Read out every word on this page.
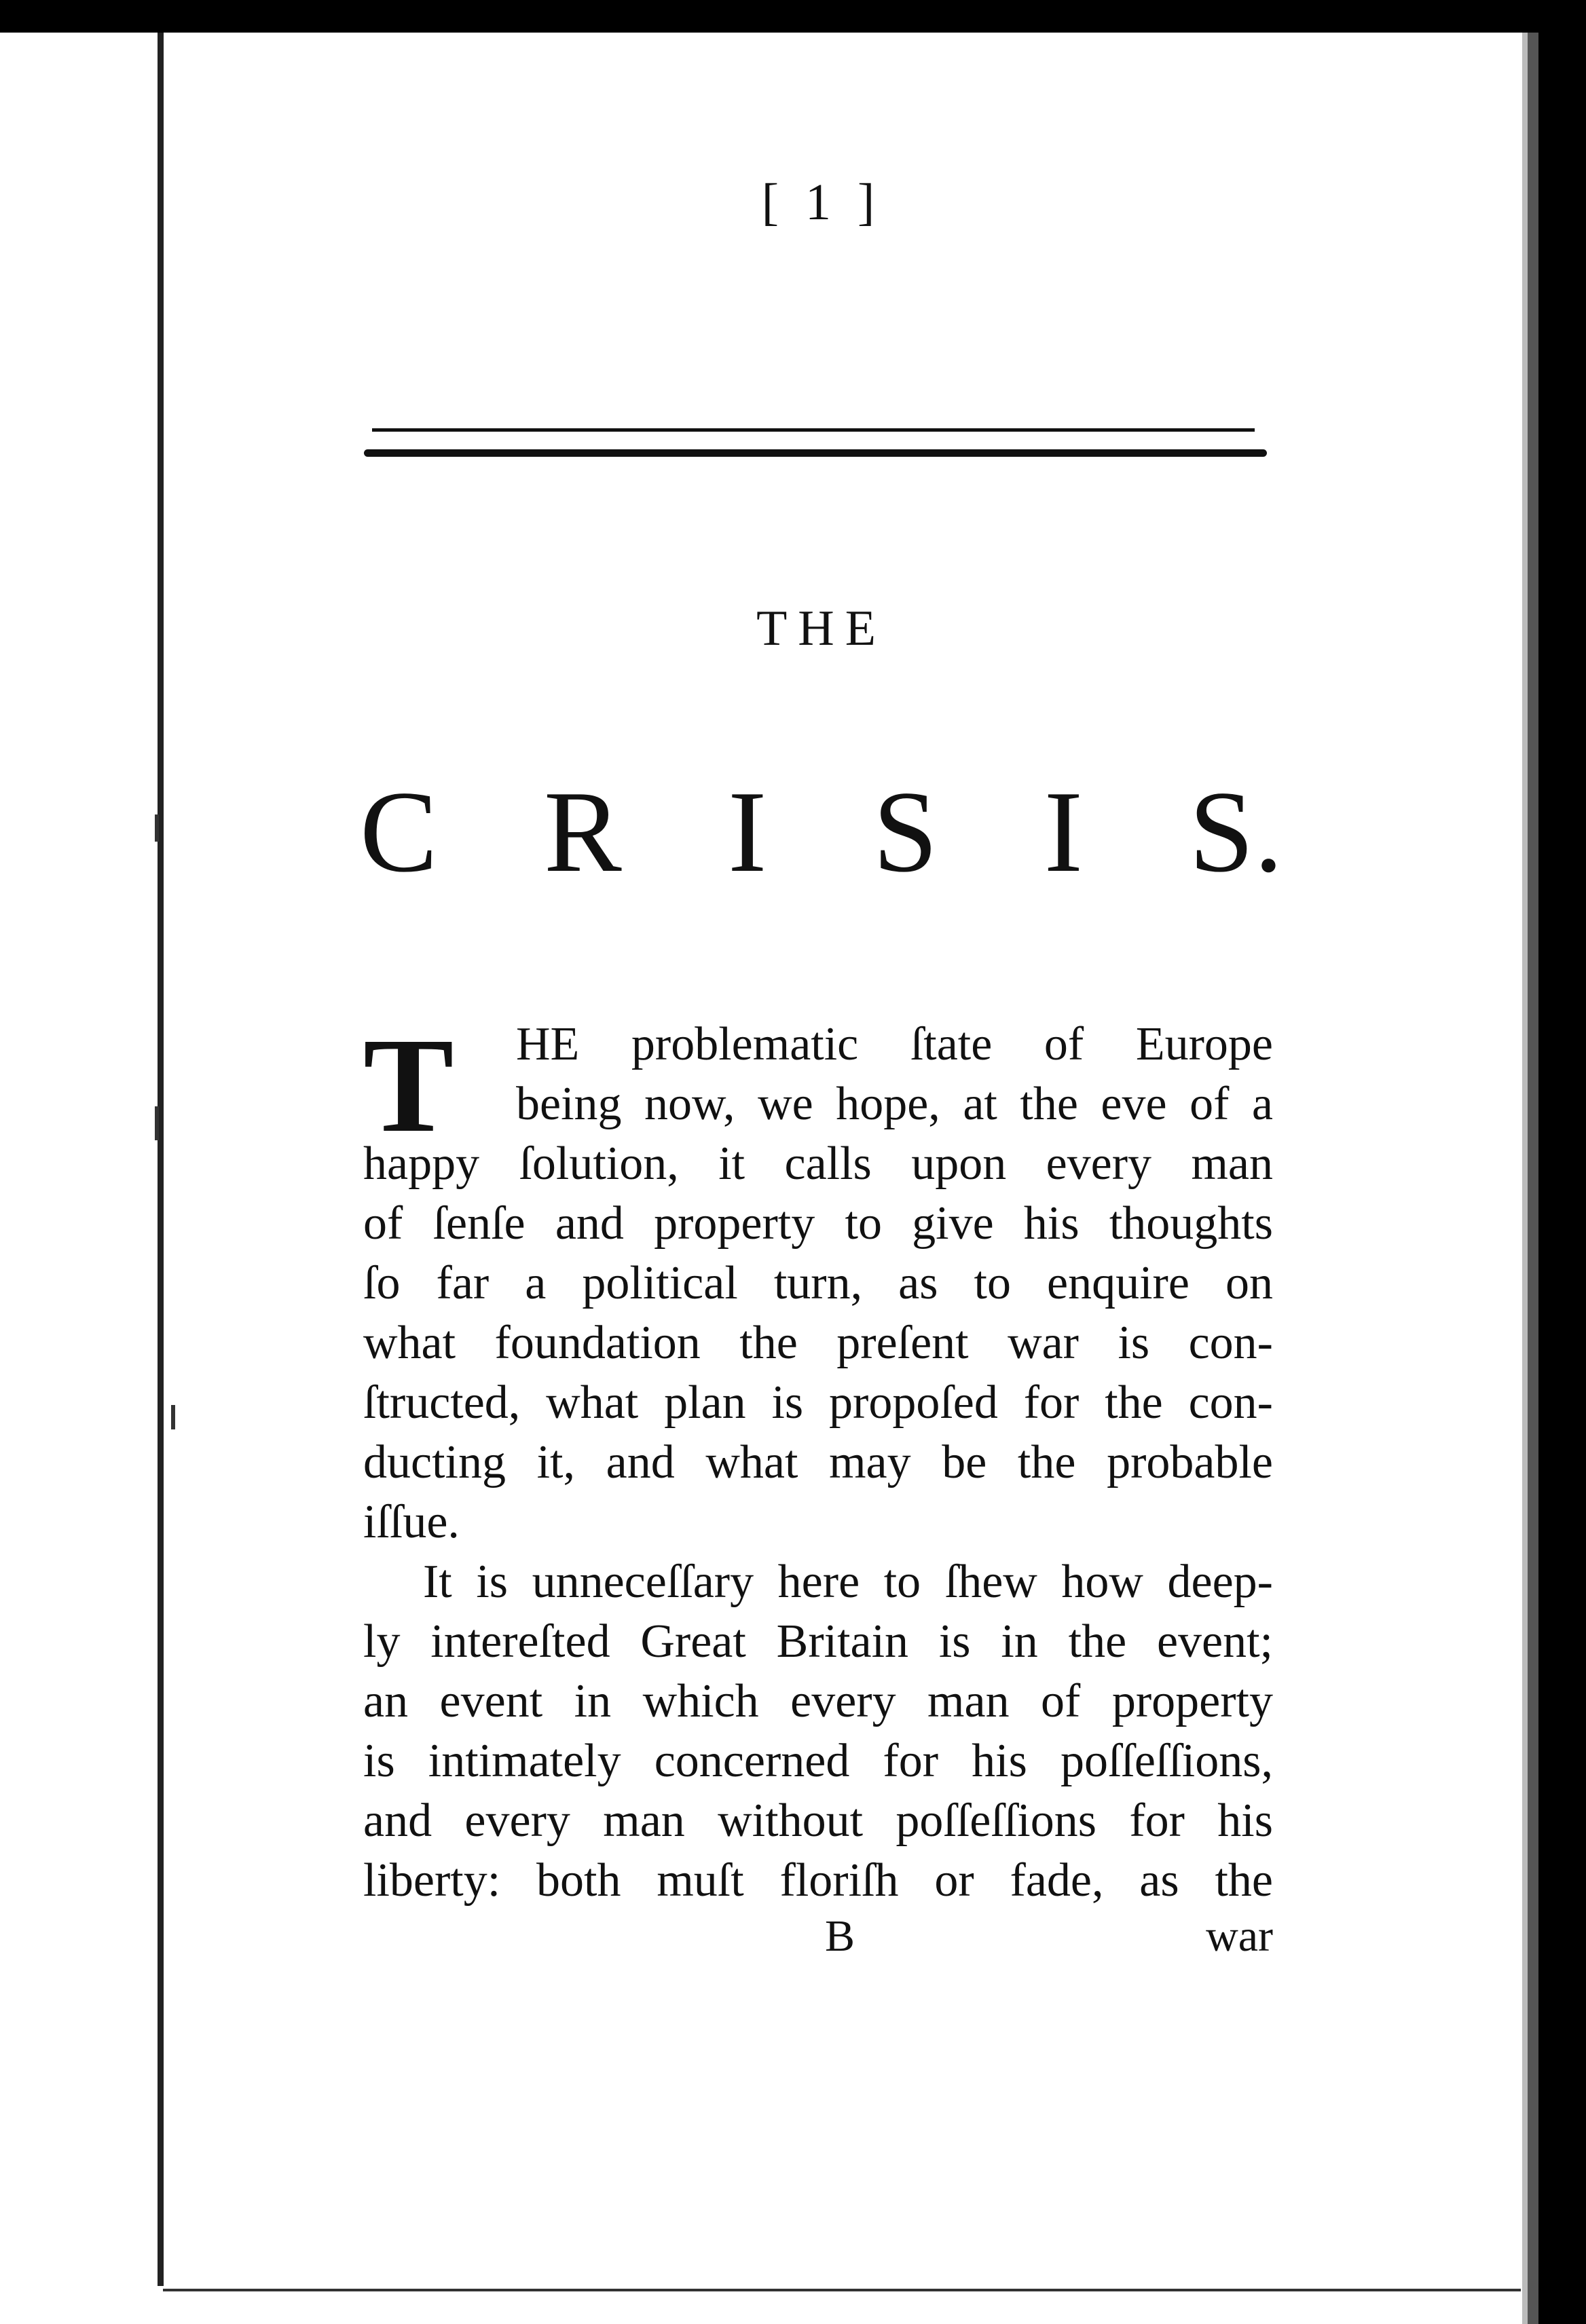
[ 1 ]
THE
C R I S I S.
T	HE problematic ſtate of Europe
being now, we hope, at the eve of a
happy ſolution, it calls upon every man
of ſenſe and property to give his thoughts
ſo far a political turn, as to enquire on
what foundation the preſent war is con-
ſtructed, what plan is propoſed for the con-
ducting it, and what may be the probable
iſſue.
It is unneceſſary here to ſhew how deep-
ly intereſted Great Britain is in the event;
an event in which every man of property
is intimately concerned for his poſſeſſions,
and every man without poſſeſſions for his
liberty: both muſt floriſh or fade, as the
B	war
